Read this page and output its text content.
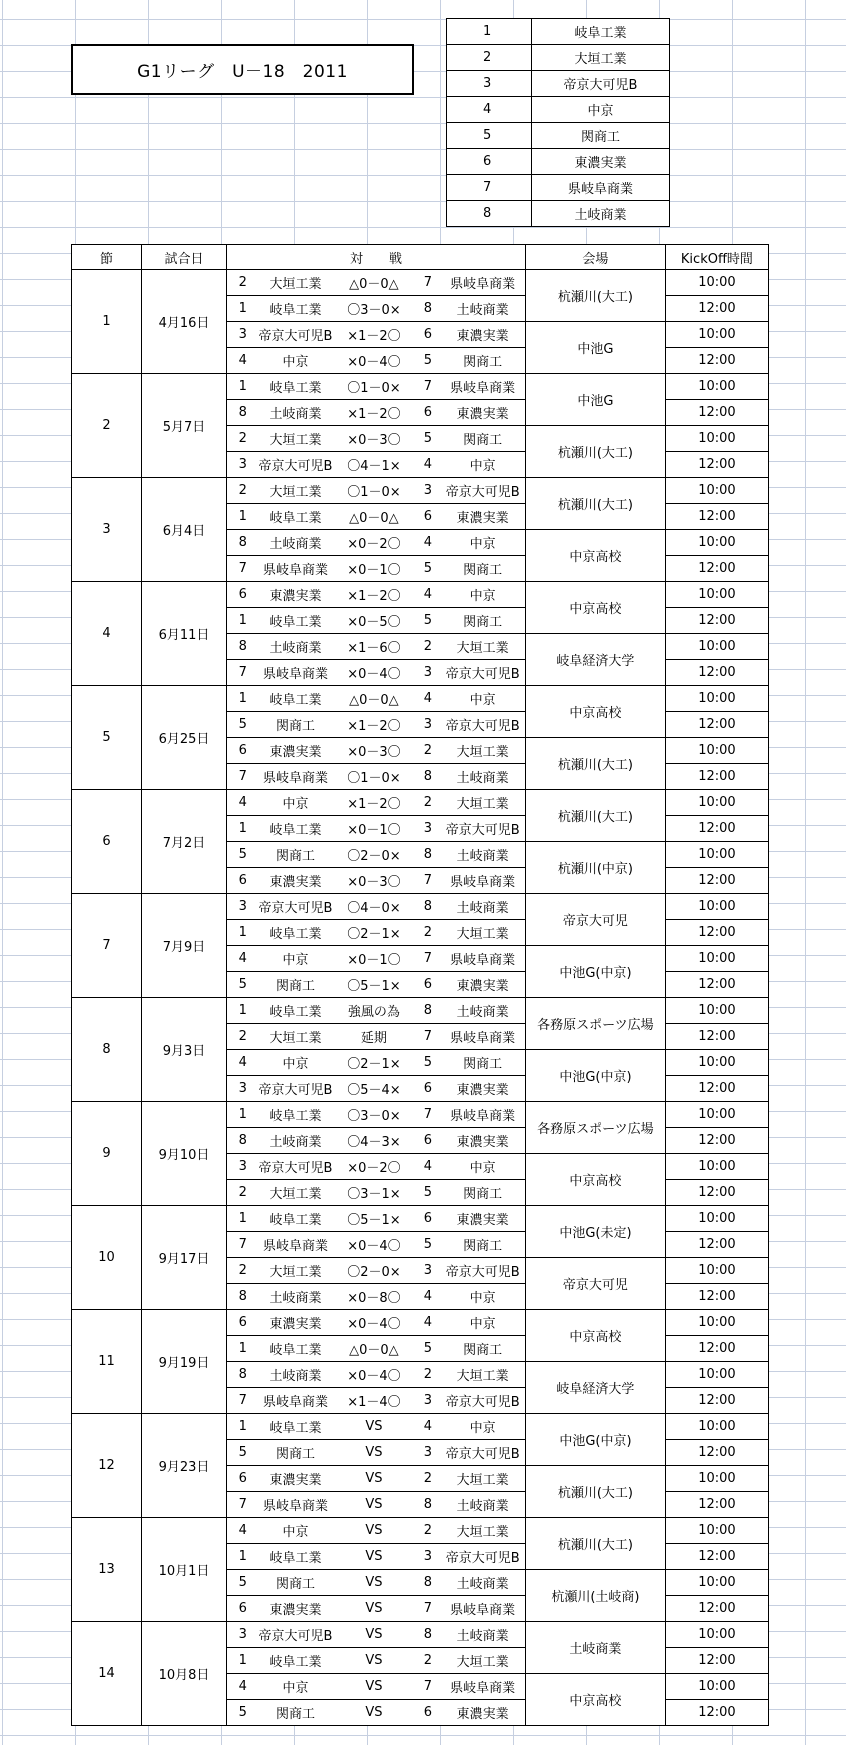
G1リーグ　U－18　2011
1	岐阜工業
2	大垣工業
3	帝京大可児B
4	中京
5	関商工
6	東濃実業
7	県岐阜商業
8	土岐商業
節	試合日	対　　戦					会場	KickOff時間
1	4月16日	2	大垣工業	△0－0△	7	県岐阜商業	杭瀬川(大工)	10:00
		1	岐阜工業	〇3－0×	8	土岐商業		12:00
		3	帝京大可児B	×1－2〇	6	東濃実業	中池G	10:00
		4	中京	×0－4〇	5	関商工		12:00
2	5月7日	1	岐阜工業	〇1－0×	7	県岐阜商業	中池G	10:00
		8	土岐商業	×1－2〇	6	東濃実業		12:00
		2	大垣工業	×0－3〇	5	関商工	杭瀬川(大工)	10:00
		3	帝京大可児B	〇4－1×	4	中京		12:00
3	6月4日	2	大垣工業	〇1－0×	3	帝京大可児B	杭瀬川(大工)	10:00
		1	岐阜工業	△0－0△	6	東濃実業		12:00
		8	土岐商業	×0－2〇	4	中京	中京高校	10:00
		7	県岐阜商業	×0－1〇	5	関商工		12:00
4	6月11日	6	東濃実業	×1－2〇	4	中京	中京高校	10:00
		1	岐阜工業	×0－5〇	5	関商工		12:00
		8	土岐商業	×1－6〇	2	大垣工業	岐阜経済大学	10:00
		7	県岐阜商業	×0－4〇	3	帝京大可児B		12:00
5	6月25日	1	岐阜工業	△0－0△	4	中京	中京高校	10:00
		5	関商工	×1－2〇	3	帝京大可児B		12:00
		6	東濃実業	×0－3〇	2	大垣工業	杭瀬川(大工)	10:00
		7	県岐阜商業	〇1－0×	8	土岐商業		12:00
6	7月2日	4	中京	×1－2〇	2	大垣工業	杭瀬川(大工)	10:00
		1	岐阜工業	×0－1〇	3	帝京大可児B		12:00
		5	関商工	〇2－0×	8	土岐商業	杭瀬川(中京)	10:00
		6	東濃実業	×0－3〇	7	県岐阜商業		12:00
7	7月9日	3	帝京大可児B	〇4－0×	8	土岐商業	帝京大可児	10:00
		1	岐阜工業	〇2－1×	2	大垣工業		12:00
		4	中京	×0－1〇	7	県岐阜商業	中池G(中京)	10:00
		5	関商工	〇5－1×	6	東濃実業		12:00
8	9月3日	1	岐阜工業	強風の為	8	土岐商業	各務原スポーツ広場	10:00
		2	大垣工業	延期	7	県岐阜商業		12:00
		4	中京	〇2－1×	5	関商工	中池G(中京)	10:00
		3	帝京大可児B	〇5－4×	6	東濃実業		12:00
9	9月10日	1	岐阜工業	〇3－0×	7	県岐阜商業	各務原スポーツ広場	10:00
		8	土岐商業	〇4－3×	6	東濃実業		12:00
		3	帝京大可児B	×0－2〇	4	中京	中京高校	10:00
		2	大垣工業	〇3－1×	5	関商工		12:00
10	9月17日	1	岐阜工業	〇5－1×	6	東濃実業	中池G(未定)	10:00
		7	県岐阜商業	×0－4〇	5	関商工		12:00
		2	大垣工業	〇2－0×	3	帝京大可児B	帝京大可児	10:00
		8	土岐商業	×0－8〇	4	中京		12:00
11	9月19日	6	東濃実業	×0－4〇	4	中京	中京高校	10:00
		1	岐阜工業	△0－0△	5	関商工		12:00
		8	土岐商業	×0－4〇	2	大垣工業	岐阜経済大学	10:00
		7	県岐阜商業	×1－4〇	3	帝京大可児B		12:00
12	9月23日	1	岐阜工業	VS	4	中京	中池G(中京)	10:00
		5	関商工	VS	3	帝京大可児B		12:00
		6	東濃実業	VS	2	大垣工業	杭瀬川(大工)	10:00
		7	県岐阜商業	VS	8	土岐商業		12:00
13	10月1日	4	中京	VS	2	大垣工業	杭瀬川(大工)	10:00
		1	岐阜工業	VS	3	帝京大可児B		12:00
		5	関商工	VS	8	土岐商業	杭瀬川(土岐商)	10:00
		6	東濃実業	VS	7	県岐阜商業		12:00
14	10月8日	3	帝京大可児B	VS	8	土岐商業	土岐商業	10:00
		1	岐阜工業	VS	2	大垣工業		12:00
		4	中京	VS	7	県岐阜商業	中京高校	10:00
		5	関商工	VS	6	東濃実業		12:00
